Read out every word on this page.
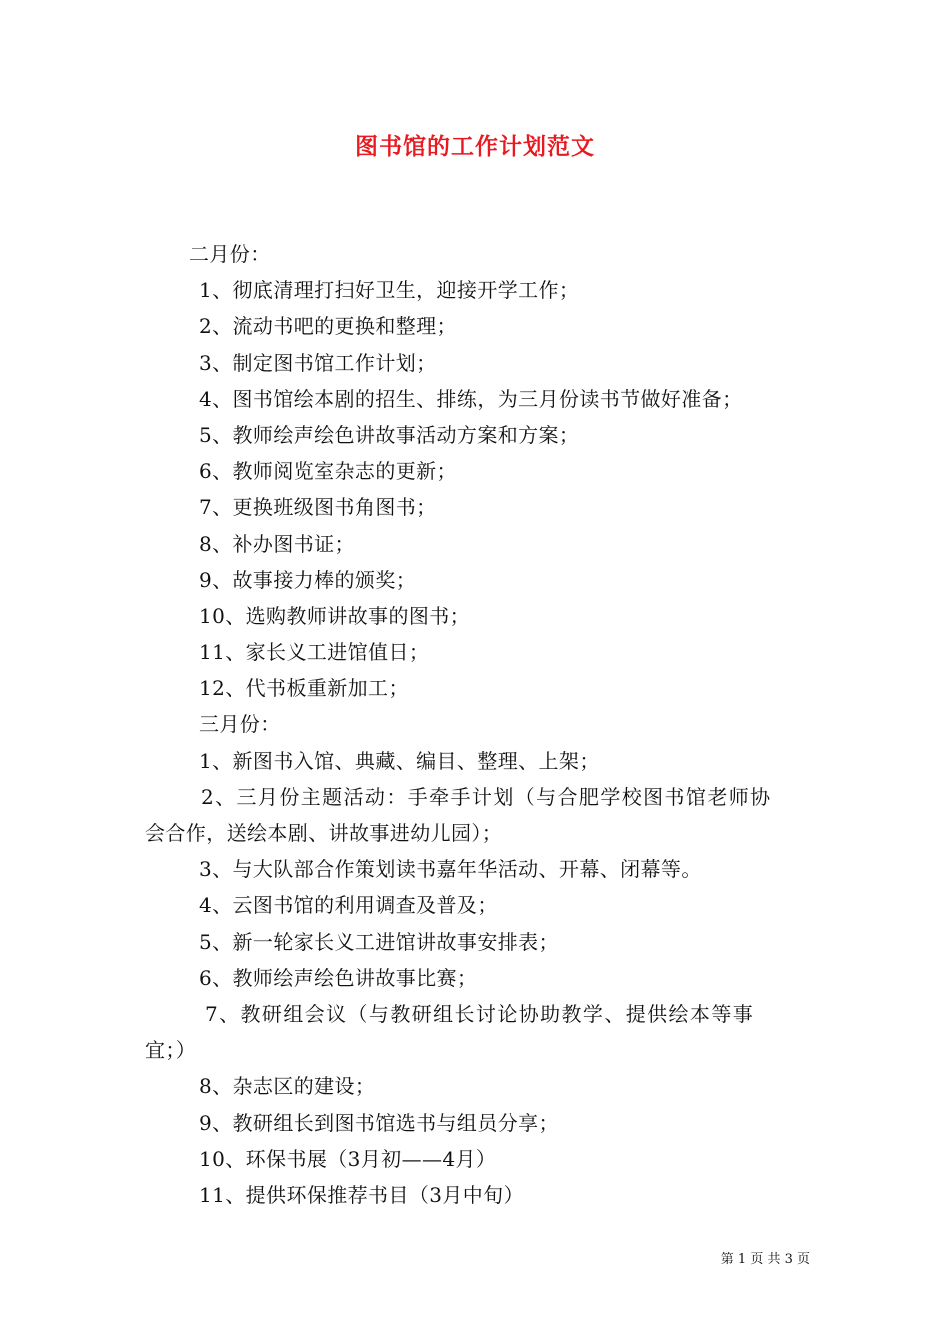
图书馆的工作计划范文
二月份：
1、彻底清理打扫好卫生，迎接开学工作；
2、流动书吧的更换和整理；
3、制定图书馆工作计划；
4、图书馆绘本剧的招生、排练，为三月份读书节做好准备；
5、教师绘声绘色讲故事活动方案和方案；
6、教师阅览室杂志的更新；
7、更换班级图书角图书；
8、补办图书证；
9、故事接力棒的颁奖；
10、选购教师讲故事的图书；
11、家长义工进馆值日；
12、代书板重新加工；
三月份：
1、新图书入馆、典藏、编目、整理、上架；
2、三月份主题活动：手牵手计划（与合肥学校图书馆老师协
会合作，送绘本剧、讲故事进幼儿园）；
3、与大队部合作策划读书嘉年华活动、开幕、闭幕等。
4、云图书馆的利用调查及普及；
5、新一轮家长义工进馆讲故事安排表；
6、教师绘声绘色讲故事比赛；
7、教研组会议（与教研组长讨论协助教学、提供绘本等事
宜；）
8、杂志区的建设；
9、教研组长到图书馆选书与组员分享；
10、环保书展（3月初——4月）
11、提供环保推荐书目（3月中旬）
第 1 页 共 3 页
